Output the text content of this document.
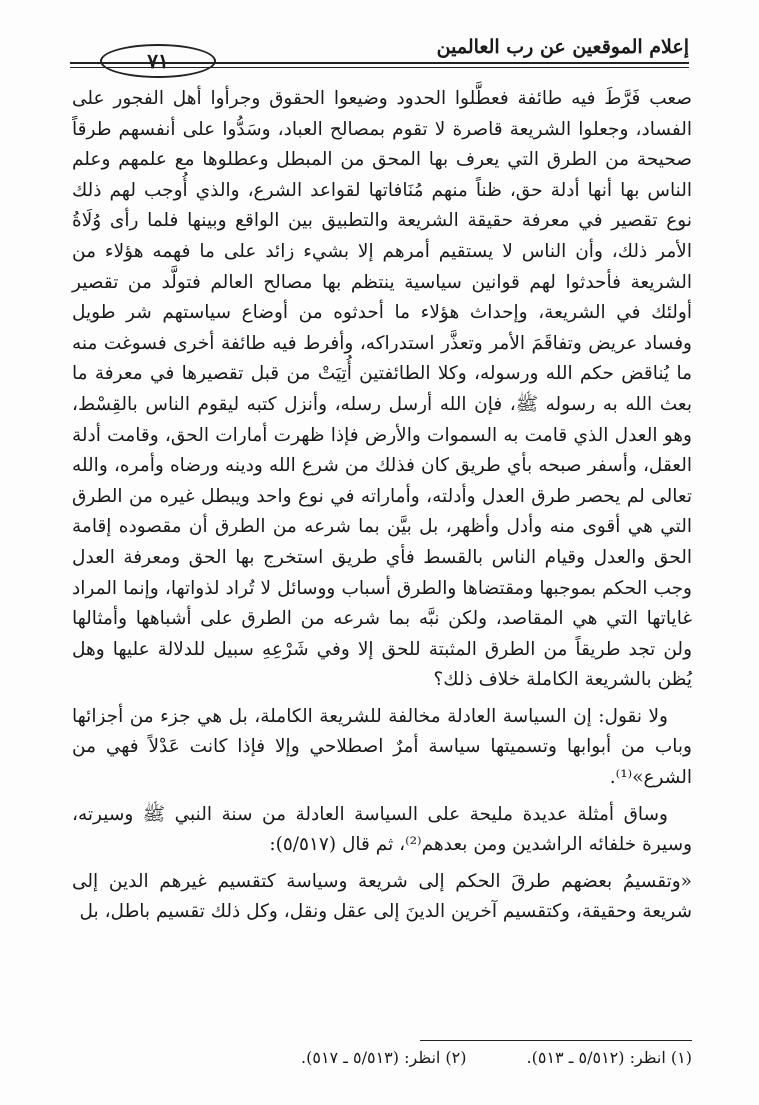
٧١
إعلام الموقعين عن رب العالمين

صعب فَرَّطَ فيه طائفة فعطَّلوا الحدود وضيعوا الحقوق وجرأوا أهل الفجور على الفساد، وجعلوا الشريعة قاصرة لا تقوم بمصالح العباد، وسَدُّوا على أنفسهم طرقاً صحيحة من الطرق التي يعرف بها المحق من المبطل وعطلوها مع علمهم وعلم الناس بها أنها أدلة حق، ظناً منهم مُنَافاتها لقواعد الشرع، والذي أُوجب لهم ذلك نوع تقصير في معرفة حقيقة الشريعة والتطبيق بين الواقع وبينها فلما رأى وُلَاةُ الأمر ذلك، وأن الناس لا يستقيم أمرهم إلا بشيء زائد على ما فهمه هؤلاء من الشريعة فأحدثوا لهم قوانين سياسية ينتظم بها مصالح العالم فتولَّد من تقصير أولئك في الشريعة، وإحداث هؤلاء ما أحدثوه من أوضاع سياستهم شر طويل وفساد عريض وتفاقَمَ الأمر وتعذَّر استدراكه، وأفرط فيه طائفة أخرى فسوغت منه ما يُناقض حكم الله ورسوله، وكلا الطائفتين أُتِيَتْ من قبل تقصيرها في معرفة ما بعث الله به رسوله ﷺ، فإن الله أرسل رسله، وأنزل كتبه ليقوم الناس بالقِسْط، وهو العدل الذي قامت به السموات والأرض فإذا ظهرت أمارات الحق، وقامت أدلة العقل، وأسفر صبحه بأي طريق كان فذلك من شرع الله ودينه ورضاه وأمره، والله تعالى لم يحصر طرق العدل وأدلته، وأماراته في نوع واحد ويبطل غيره من الطرق التي هي أقوى منه وأدل وأظهر، بل بيَّن بما شرعه من الطرق أن مقصوده إقامة الحق والعدل وقيام الناس بالقسط فأي طريق استخرج بها الحق ومعرفة العدل وجب الحكم بموجبها ومقتضاها والطرق أسباب ووسائل لا تُراد لذواتها، وإنما المراد غاياتها التي هي المقاصد، ولكن نبَّه بما شرعه من الطرق على أشباهها وأمثالها ولن تجد طريقاً من الطرق المثبتة للحق إلا وفي شَرْعِهِ سبيل للدلالة عليها وهل يُظن بالشريعة الكاملة خلاف ذلك؟

ولا نقول: إن السياسة العادلة مخالفة للشريعة الكاملة، بل هي جزء من أجزائها وباب من أبوابها وتسميتها سياسة أمرٌ اصطلاحي وإلا فإذا كانت عَدْلاً فهي من الشرع»⁽¹⁾.

وساق أمثلة عديدة مليحة على السياسة العادلة من سنة النبي ﷺ وسيرته، وسيرة خلفائه الراشدين ومن بعدهم⁽²⁾، ثم قال (٥/٥١٧):

«وتقسيمُ بعضهم طرقَ الحكم إلى شريعة وسياسة كتقسيم غيرهم الدين إلى شريعة وحقيقة، وكتقسيم آخرين الدينَ إلى عقل ونقل، وكل ذلك تقسيم باطل، بل

(١) انظر: (٥/٥١٢ ـ ٥١٣).
(٢) انظر: (٥/٥١٣ ـ ٥١٧).
